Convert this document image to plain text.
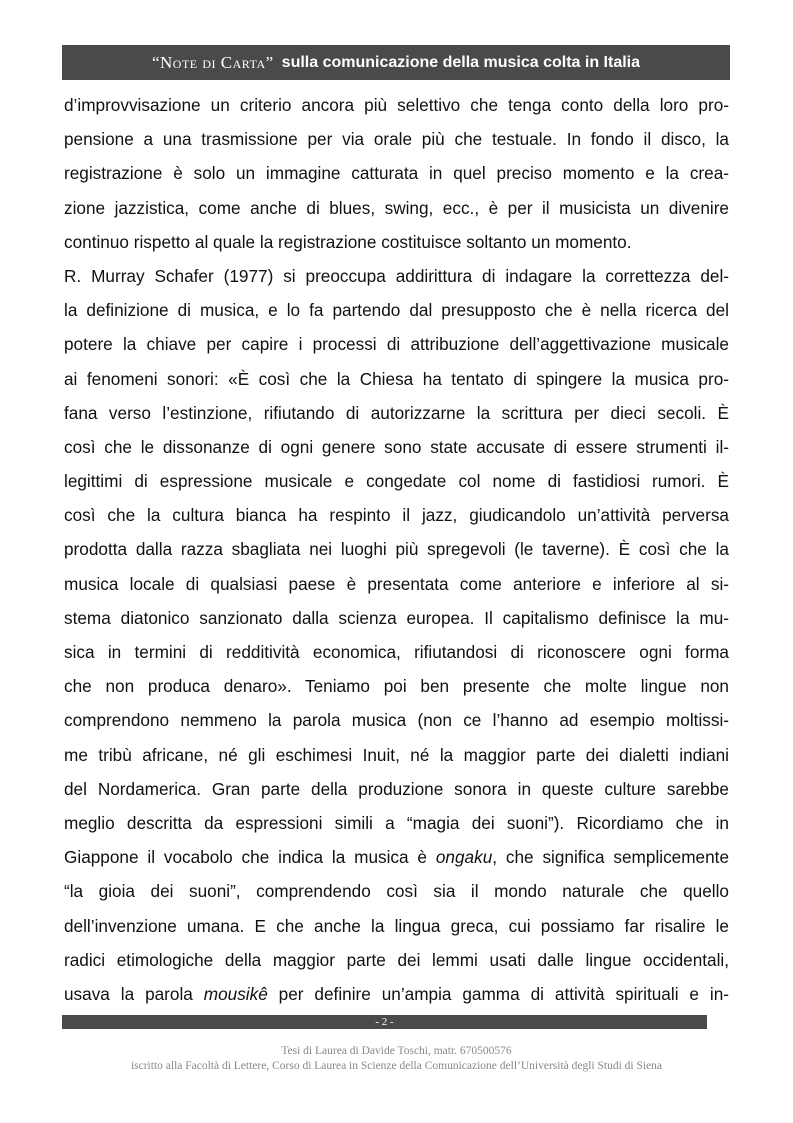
“Note di Carta” sulla comunicazione della musica colta in Italia
d’improvvisazione un criterio ancora più selettivo che tenga conto della loro pro-
pensione a una trasmissione per via orale più che testuale. In fondo il disco, la
registrazione è solo un immagine catturata in quel preciso momento e la crea-
zione jazzistica, come anche di blues, swing, ecc., è per il musicista un divenire
continuo rispetto al quale la registrazione costituisce soltanto un momento.
R. Murray Schafer (1977) si preoccupa addirittura di indagare la correttezza del-
la definizione di musica, e lo fa partendo dal presupposto che è nella ricerca del
potere la chiave per capire i processi di attribuzione dell’aggettivazione musicale
ai fenomeni sonori: «È così che la Chiesa ha tentato di spingere la musica pro-
fana verso l’estinzione, rifiutando di autorizzarne la scrittura per dieci secoli. È
così che le dissonanze di ogni genere sono state accusate di essere strumenti il-
legittimi di espressione musicale e congedate col nome di fastidiosi rumori. È
così che la cultura bianca ha respinto il jazz, giudicandolo un’attività perversa
prodotta dalla razza sbagliata nei luoghi più spregevoli (le taverne). È così che la
musica locale di qualsiasi paese è presentata come anteriore e inferiore al si-
stema diatonico sanzionato dalla scienza europea. Il capitalismo definisce la mu-
sica in termini di redditività economica, rifiutandosi di riconoscere ogni forma
che non produca denaro». Teniamo poi ben presente che molte lingue non
comprendono nemmeno la parola musica (non ce l’hanno ad esempio moltissi-
me tribù africane, né gli eschimesi Inuit, né la maggior parte dei dialetti indiani
del Nordamerica. Gran parte della produzione sonora in queste culture sarebbe
meglio descritta da espressioni simili a “magia dei suoni”). Ricordiamo che in
Giappone il vocabolo che indica la musica è ongaku, che significa semplicemente
“la gioia dei suoni”, comprendendo così sia il mondo naturale che quello
dell’invenzione umana. E che anche la lingua greca, cui possiamo far risalire le
radici etimologiche della maggior parte dei lemmi usati dalle lingue occidentali,
usava la parola mousikê per definire un’ampia gamma di attività spirituali e in-
- 2 -
Tesi di Laurea di Davide Toschi, matr. 670500576
iscritto alla Facoltà di Lettere, Corso di Laurea in Scienze della Comunicazione dell’Università degli Studi di Siena
